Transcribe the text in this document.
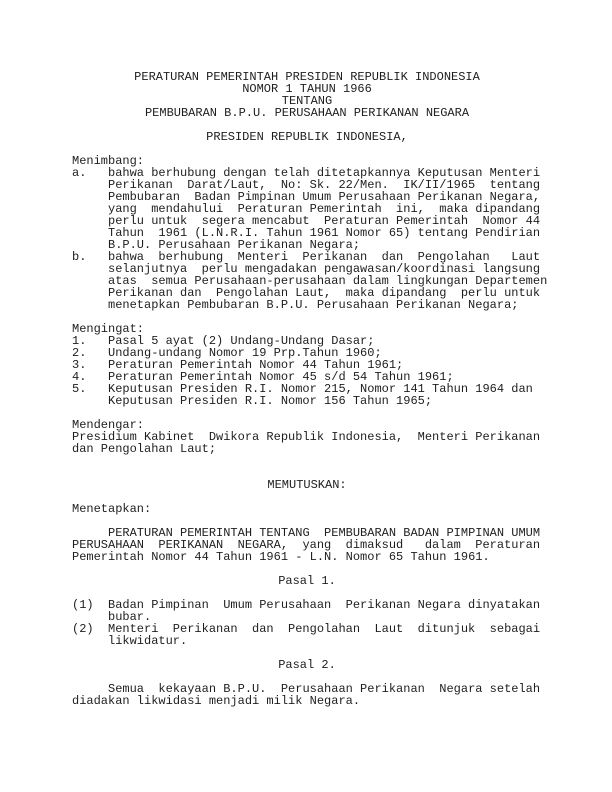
PERATURAN PEMERINTAH PRESIDEN REPUBLIK INDONESIA
NOMOR 1 TAHUN 1966
TENTANG
PEMBUBARAN B.P.U. PERUSAHAAN PERIKANAN NEGARA
PRESIDEN REPUBLIK INDONESIA,
Menimbang:
a. bahwa berhubung dengan telah ditetapkannya Keputusan Menteri
Perikanan  Darat/Laut,  No: Sk. 22/Men.  IK/II/1965  tentang
Pembubaran  Badan Pimpinan Umum Perusahaan Perikanan Negara,
yang  mendahului  Peraturan Pemerintah  ini,  maka dipandang
perlu untuk  segera mencabut  Peraturan Pemerintah  Nomor 44
Tahun  1961 (L.N.R.I. Tahun 1961 Nomor 65) tentang Pendirian
B.P.U. Perusahaan Perikanan Negara;
b. bahwa  berhubung  Menteri  Perikanan  dan  Pengolahan   Laut
selanjutnya  perlu mengadakan pengawasan/koordinasi langsung
atas  semua Perusahaan-perusahaan dalam lingkungan Departemen
Perikanan dan  Pengolahan Laut,  maka dipandang  perlu untuk
menetapkan Pembubaran B.P.U. Perusahaan Perikanan Negara;
Mengingat:
1. Pasal 5 ayat (2) Undang-Undang Dasar;
2. Undang-undang Nomor 19 Prp.Tahun 1960;
3. Peraturan Pemerintah Nomor 44 Tahun 1961;
4. Peraturan Pemerintah Nomor 45 s/d 54 Tahun 1961;
5. Keputusan Presiden R.I. Nomor 215, Nomor 141 Tahun 1964 dan
Keputusan Presiden R.I. Nomor 156 Tahun 1965;
Mendengar:
Presidium Kabinet  Dwikora Republik Indonesia,  Menteri Perikanan
dan Pengolahan Laut;
MEMUTUSKAN:
Menetapkan:
PERATURAN PEMERINTAH TENTANG  PEMBUBARAN BADAN PIMPINAN UMUM
PERUSAHAAN  PERIKANAN  NEGARA,  yang  dimaksud   dalam  Peraturan
Pemerintah Nomor 44 Tahun 1961 - L.N. Nomor 65 Tahun 1961.
Pasal 1.
(1) Badan Pimpinan  Umum Perusahaan  Perikanan Negara dinyatakan
bubar.
(2) Menteri  Perikanan  dan  Pengolahan  Laut  ditunjuk  sebagai
likwidatur.
Pasal 2.
Semua  kekayaan B.P.U.  Perusahaan Perikanan  Negara setelah
diadakan likwidasi menjadi milik Negara.
